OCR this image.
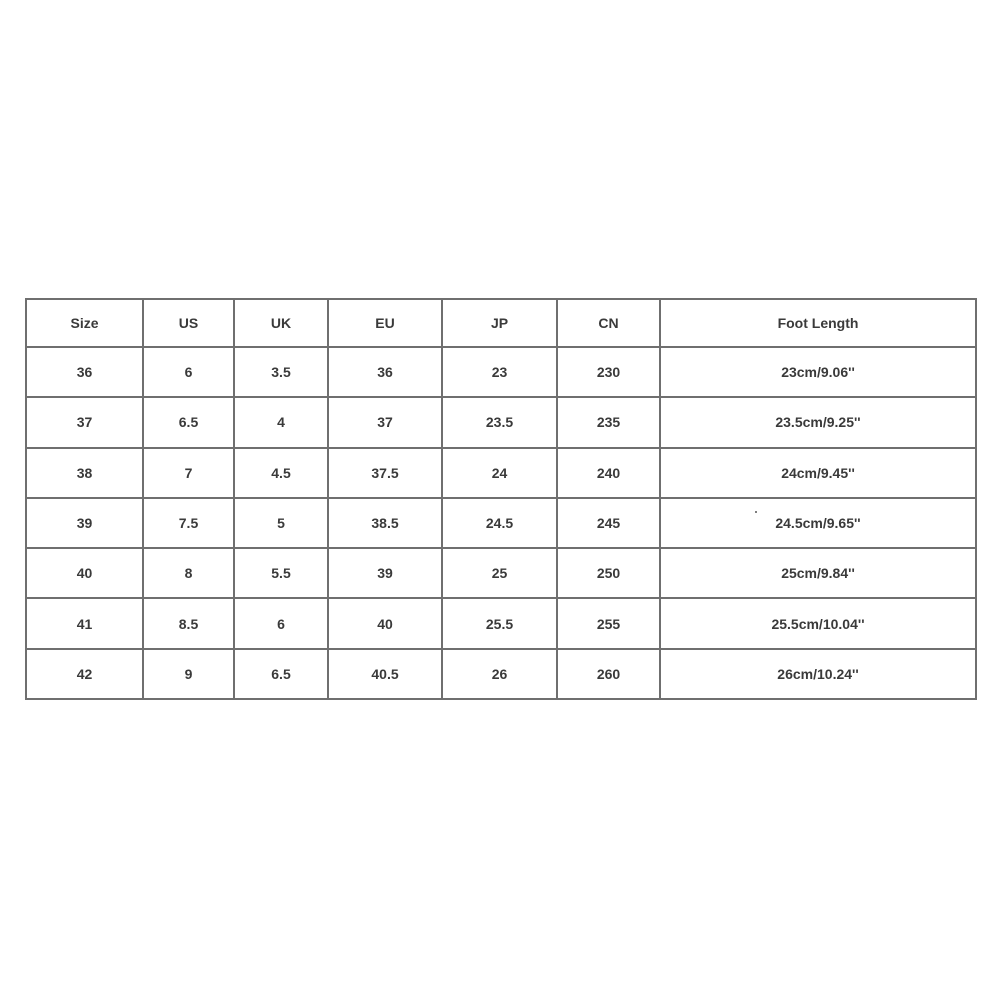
Size	US	UK	EU	JP	CN	Foot Length
36	6	3.5	36	23	230	23cm/9.06''
37	6.5	4	37	23.5	235	23.5cm/9.25''
38	7	4.5	37.5	24	240	24cm/9.45''
39	7.5	5	38.5	24.5	245	24.5cm/9.65''
40	8	5.5	39	25	250	25cm/9.84''
41	8.5	6	40	25.5	255	25.5cm/10.04''
42	9	6.5	40.5	26	260	26cm/10.24''
